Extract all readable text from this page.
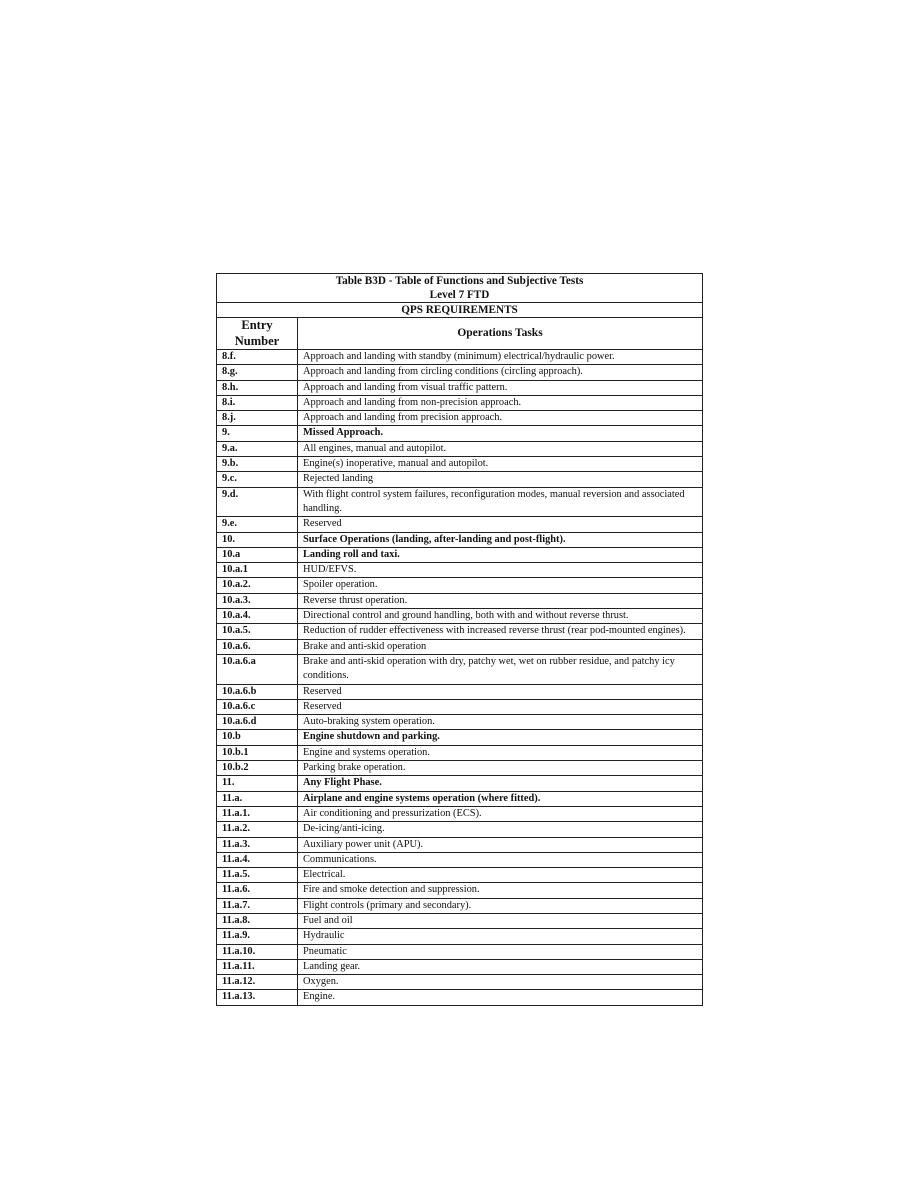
Table B3D - Table of Functions and Subjective Tests
Level 7 FTD	

QPS REQUIREMENTS	

Entry
Number	Operations Tasks
8.f.	Approach and landing with standby (minimum) electrical/hydraulic power.
8.g.	Approach and landing from circling conditions (circling approach).
8.h.	Approach and landing from visual traffic pattern.
8.i.	Approach and landing from non-precision approach.
8.j.	Approach and landing from precision approach.
9.	Missed Approach.
9.a.	All engines, manual and autopilot.
9.b.	Engine(s) inoperative, manual and autopilot.
9.c.	Rejected landing
9.d.	With flight control system failures, reconfiguration modes, manual reversion and associated handling.
9.e.	Reserved
10.	Surface Operations (landing, after-landing and post-flight).
10.a	Landing roll and taxi.
10.a.1	HUD/EFVS.
10.a.2.	Spoiler operation.
10.a.3.	Reverse thrust operation.
10.a.4.	Directional control and ground handling, both with and without reverse thrust.
10.a.5.	Reduction of rudder effectiveness with increased reverse thrust (rear pod-mounted engines).
10.a.6.	Brake and anti-skid operation
10.a.6.a	Brake and anti-skid operation with dry, patchy wet, wet on rubber residue, and patchy icy conditions.
10.a.6.b	Reserved
10.a.6.c	Reserved
10.a.6.d	Auto-braking system operation.
10.b	Engine shutdown and parking.
10.b.1	Engine and systems operation.
10.b.2	Parking brake operation.
11.	Any Flight Phase.
11.a.	Airplane and engine systems operation (where fitted).
11.a.1.	Air conditioning and pressurization (ECS).
11.a.2.	De-icing/anti-icing.
11.a.3.	Auxiliary power unit (APU).
11.a.4.	Communications.
11.a.5.	Electrical.
11.a.6.	Fire and smoke detection and suppression.
11.a.7.	Flight controls (primary and secondary).
11.a.8.	Fuel and oil
11.a.9.	Hydraulic
11.a.10.	Pneumatic
11.a.11.	Landing gear.
11.a.12.	Oxygen.
11.a.13.	Engine.
